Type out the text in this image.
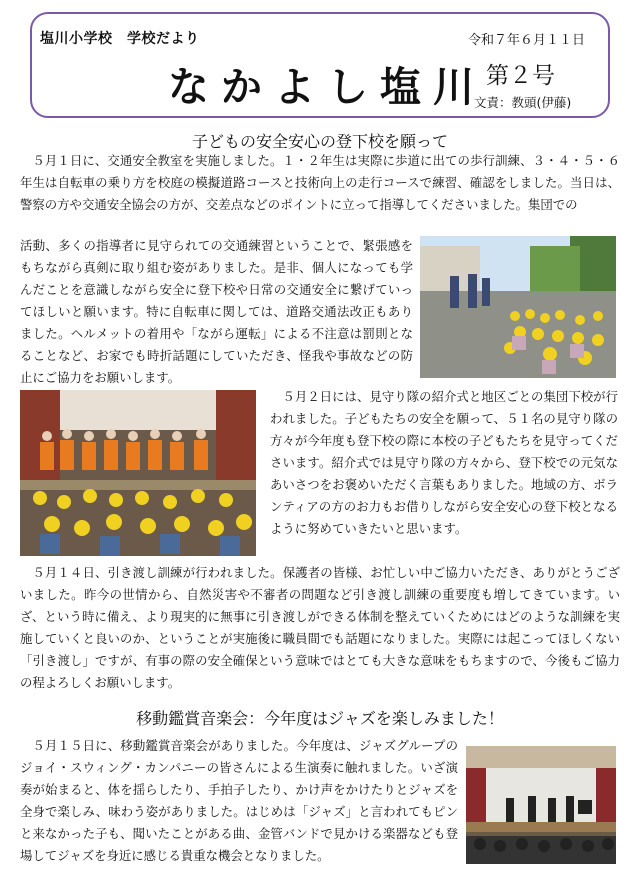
塩川小学校　学校だより	令和７年６月１１日
なかよし塩川 第２号
文責：教頭(伊藤)
子どもの安全安心の登下校を願って
５月１日に、交通安全教室を実施しました。１・２年生は実際に歩道に出ての歩行訓練、３・４・５・６年生は自転車の乗り方を校庭の模擬道路コースと技術向上の走行コースで練習、確認をしました。当日は、警察の方や交通安全協会の方が、交差点などのポイントに立って指導してくださいました。集団での
活動、多くの指導者に見守られての交通練習ということで、緊張感をもちながら真剣に取り組む姿がありました。是非、個人になっても学んだことを意識しながら安全に登下校や日常の交通安全に繋げていってほしいと願います。特に自転車に関しては、道路交通法改正もありました。ヘルメットの着用や「ながら運転」による不注意は罰則となることなど、お家でも時折話題にしていただき、怪我や事故などの防止にご協力をお願いします。
５月２日には、見守り隊の紹介式と地区ごとの集団下校が行われました。子どもたちの安全を願って、５１名の見守り隊の方々が今年度も登下校の際に本校の子どもたちを見守ってくださいます。紹介式では見守り隊の方々から、登下校での元気なあいさつをお褒めいただく言葉もありました。地域の方、ボランティアの方のお力もお借りしながら安全安心の登下校となるように努めていきたいと思います。
５月１４日、引き渡し訓練が行われました。保護者の皆様、お忙しい中ご協力いただき、ありがとうございました。昨今の世情から、自然災害や不審者の問題など引き渡し訓練の重要度も増してきています。いざ、という時に備え、より現実的に無事に引き渡しができる体制を整えていくためにはどのような訓練を実施していくと良いのか、ということが実施後に職員間でも話題になりました。実際には起こってほしくない「引き渡し」ですが、有事の際の安全確保という意味ではとても大きな意味をもちますので、今後もご協力の程よろしくお願いします。
移動鑑賞音楽会：今年度はジャズを楽しみました！
５月１５日に、移動鑑賞音楽会がありました。今年度は、ジャズグループのジョイ・スウィング・カンパニーの皆さんによる生演奏に触れました。いざ演奏が始まると、体を揺らしたり、手拍子したり、かけ声をかけたりとジャズを全身で楽しみ、味わう姿がありました。はじめは「ジャズ」と言われてもピンと来なかった子も、聞いたことがある曲、金管バンドで見かける楽器なども登場してジャズを身近に感じる貴重な機会となりました。
